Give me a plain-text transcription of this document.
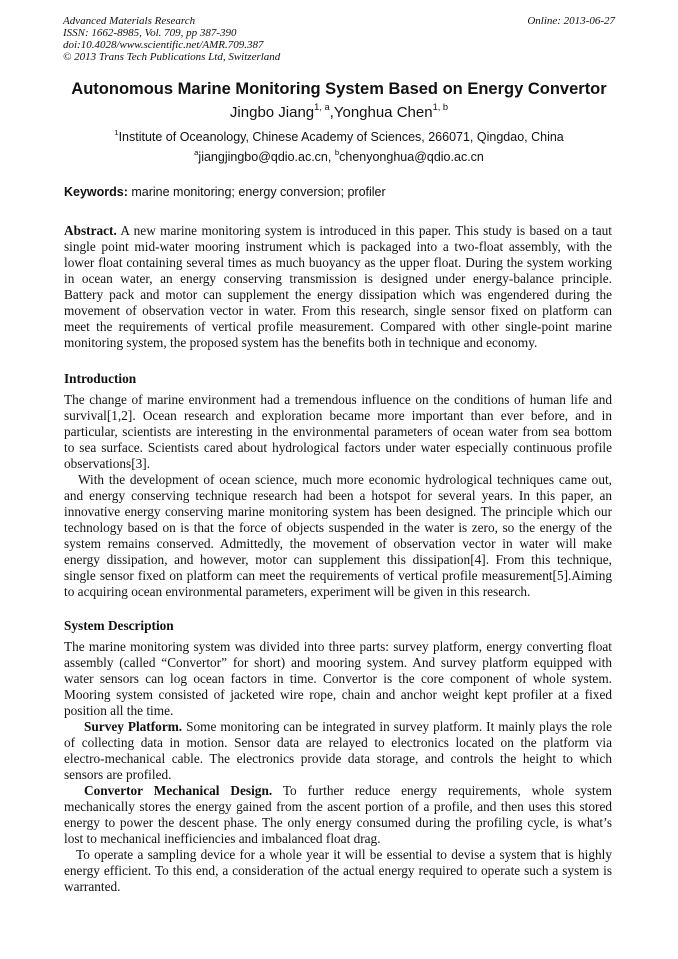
Advanced Materials Research
ISSN: 1662-8985, Vol. 709, pp 387-390
doi:10.4028/www.scientific.net/AMR.709.387
© 2013 Trans Tech Publications Ltd, Switzerland
Online: 2013-06-27
Autonomous Marine Monitoring System Based on Energy Convertor
Jingbo Jiang$^{1, a}$,Yonghua Chen$^{1, b}$
$^1$Institute of Oceanology, Chinese Academy of Sciences, 266071, Qingdao, China
$^a$jiangjingbo@qdio.ac.cn, $^b$chenyonghua@qdio.ac.cn
Keywords: marine monitoring; energy conversion; profiler
Abstract. A new marine monitoring system is introduced in this paper. This study is based on a taut
single point mid-water mooring instrument which is packaged into a two-float assembly, with the
lower float containing several times as much buoyancy as the upper float. During the system working
in ocean water, an energy conserving transmission is designed under energy-balance principle.
Battery pack and motor can supplement the energy dissipation which was engendered during the
movement of observation vector in water. From this research, single sensor fixed on platform can
meet the requirements of vertical profile measurement. Compared with other single-point marine
monitoring system, the proposed system has the benefits both in technique and economy.
Introduction
The change of marine environment had a tremendous influence on the conditions of human life and
survival[1,2]. Ocean research and exploration became more important than ever before, and in
particular, scientists are interesting in the environmental parameters of ocean water from sea bottom
to sea surface. Scientists cared about hydrological factors under water especially continuous profile
observations[3].
With the development of ocean science, much more economic hydrological techniques came out,
and energy conserving technique research had been a hotspot for several years. In this paper, an
innovative energy conserving marine monitoring system has been designed. The principle which our
technology based on is that the force of objects suspended in the water is zero, so the energy of the
system remains conserved. Admittedly, the movement of observation vector in water will make
energy dissipation, and however, motor can supplement this dissipation[4]. From this technique,
single sensor fixed on platform can meet the requirements of vertical profile measurement[5].Aiming
to acquiring ocean environmental parameters, experiment will be given in this research.
System Description
The marine monitoring system was divided into three parts: survey platform, energy converting float
assembly (called “Convertor” for short) and mooring system. And survey platform equipped with
water sensors can log ocean factors in time. Convertor is the core component of whole system.
Mooring system consisted of jacketed wire rope, chain and anchor weight kept profiler at a fixed
position all the time.
Survey Platform. Some monitoring can be integrated in survey platform. It mainly plays the role
of collecting data in motion. Sensor data are relayed to electronics located on the platform via
electro-mechanical cable. The electronics provide data storage, and controls the height to which
sensors are profiled.
Convertor Mechanical Design. To further reduce energy requirements, whole system
mechanically stores the energy gained from the ascent portion of a profile, and then uses this stored
energy to power the descent phase. The only energy consumed during the profiling cycle, is what’s
lost to mechanical inefficiencies and imbalanced float drag.
To operate a sampling device for a whole year it will be essential to devise a system that is highly
energy efficient. To this end, a consideration of the actual energy required to operate such a system is
warranted.
